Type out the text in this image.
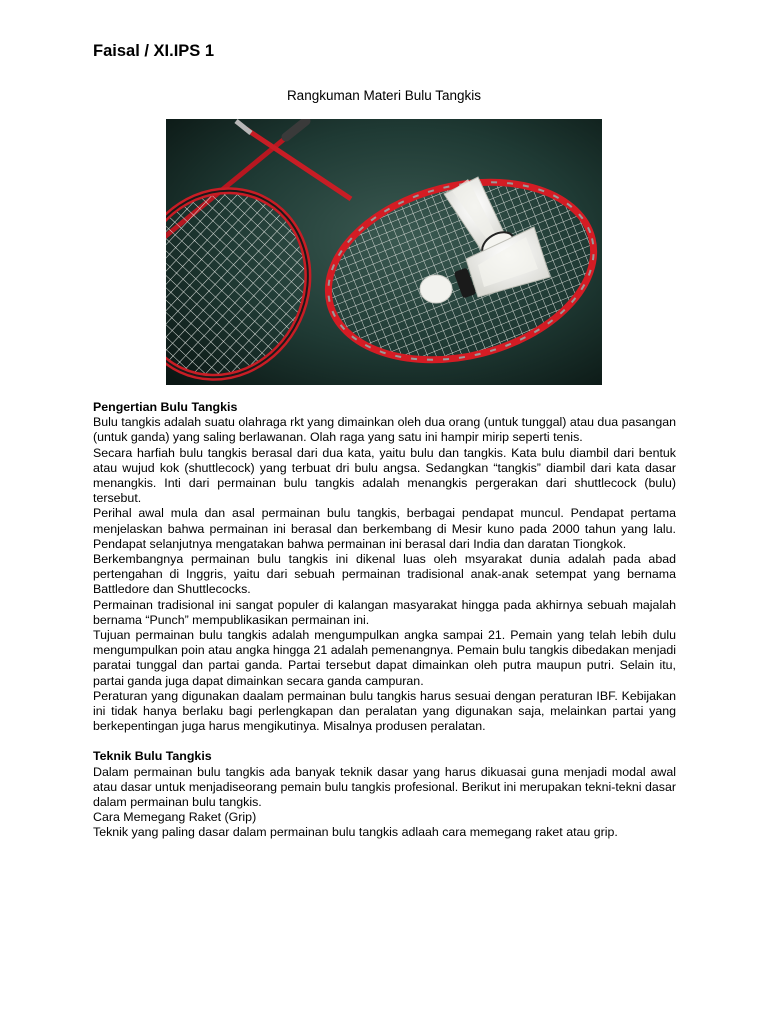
Faisal / XI.IPS 1
Rangkuman Materi Bulu Tangkis
Pengertian Bulu Tangkis

Bulu tangkis adalah suatu olahraga rkt yang dimainkan oleh dua orang (untuk tunggal) atau dua pasangan (untuk ganda) yang saling berlawanan. Olah raga yang satu ini hampir mirip seperti tenis.

Secara harfiah bulu tangkis berasal dari dua kata, yaitu bulu dan tangkis. Kata bulu diambil dari bentuk atau wujud kok (shuttlecock) yang terbuat dri bulu angsa. Sedangkan “tangkis” diambil dari kata dasar menangkis. Inti dari permainan bulu tangkis adalah menangkis pergerakan dari shuttlecock (bulu) tersebut.

Perihal awal mula dan asal permainan bulu tangkis, berbagai pendapat muncul. Pendapat pertama menjelaskan bahwa permainan ini berasal dan berkembang di Mesir kuno pada 2000 tahun yang lalu. Pendapat selanjutnya mengatakan bahwa permainan ini berasal dari India dan daratan Tiongkok.

Berkembangnya permainan bulu tangkis ini dikenal luas oleh msyarakat dunia adalah pada abad pertengahan di Inggris, yaitu dari sebuah permainan tradisional anak-anak setempat yang bernama Battledore dan Shuttlecocks.

Permainan tradisional ini sangat populer di kalangan masyarakat hingga pada akhirnya sebuah majalah bernama “Punch” mempublikasikan permainan ini.

Tujuan permainan bulu tangkis adalah mengumpulkan angka sampai 21. Pemain yang telah lebih dulu mengumpulkan poin atau angka hingga 21 adalah pemenangnya. Pemain bulu tangkis dibedakan menjadi paratai tunggal dan partai ganda. Partai tersebut dapat dimainkan oleh putra maupun putri. Selain itu, partai ganda juga dapat dimainkan secara ganda campuran.

Peraturan yang digunakan daalam permainan bulu tangkis harus sesuai dengan peraturan IBF. Kebijakan ini tidak hanya berlaku bagi perlengkapan dan peralatan yang digunakan saja, melainkan partai yang berkepentingan juga harus mengikutinya. Misalnya produsen peralatan.

Teknik Bulu Tangkis

Dalam permainan bulu tangkis ada banyak teknik dasar yang harus dikuasai guna menjadi modal awal atau dasar untuk menjadiseorang pemain bulu tangkis profesional. Berikut ini merupakan tekni-tekni dasar dalam permainan bulu tangkis.

Cara Memegang Raket (Grip)

Teknik yang paling dasar dalam permainan bulu tangkis adlaah cara memegang raket atau grip.
